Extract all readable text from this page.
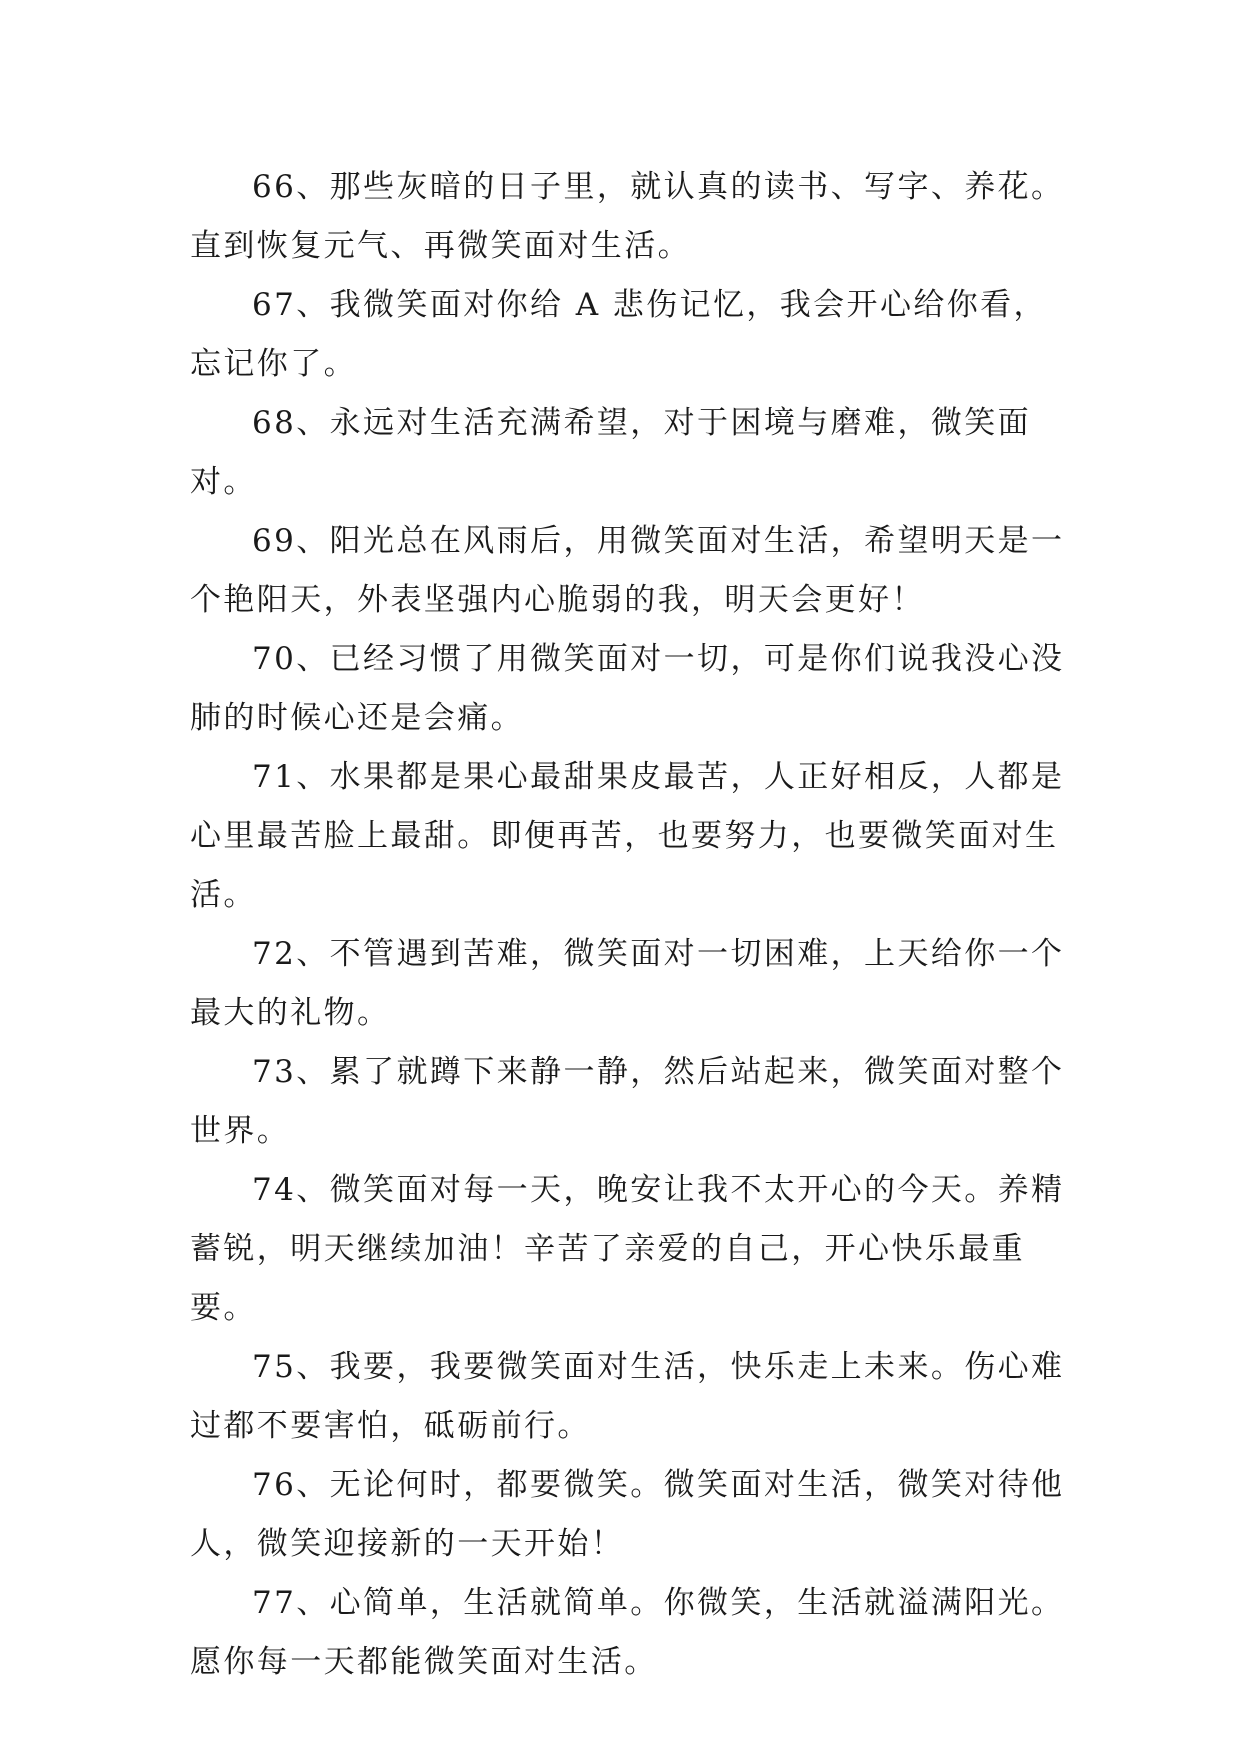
66、那些灰暗的日子里，就认真的读书、写字、养花。直到恢复元气、再微笑面对生活。

67、我微笑面对你给 A 悲伤记忆，我会开心给你看，忘记你了。

68、永远对生活充满希望，对于困境与磨难，微笑面对。

69、阳光总在风雨后，用微笑面对生活，希望明天是一个艳阳天，外表坚强内心脆弱的我，明天会更好！

70、已经习惯了用微笑面对一切，可是你们说我没心没肺的时候心还是会痛。

71、水果都是果心最甜果皮最苦，人正好相反，人都是心里最苦脸上最甜。即便再苦，也要努力，也要微笑面对生活。

72、不管遇到苦难，微笑面对一切困难，上天给你一个最大的礼物。

73、累了就蹲下来静一静，然后站起来，微笑面对整个世界。

74、微笑面对每一天，晚安让我不太开心的今天。养精蓄锐，明天继续加油！辛苦了亲爱的自己，开心快乐最重要。

75、我要，我要微笑面对生活，快乐走上未来。伤心难过都不要害怕，砥砺前行。

76、无论何时，都要微笑。微笑面对生活，微笑对待他人，微笑迎接新的一天开始！

77、心简单，生活就简单。你微笑，生活就溢满阳光。愿你每一天都能微笑面对生活。
